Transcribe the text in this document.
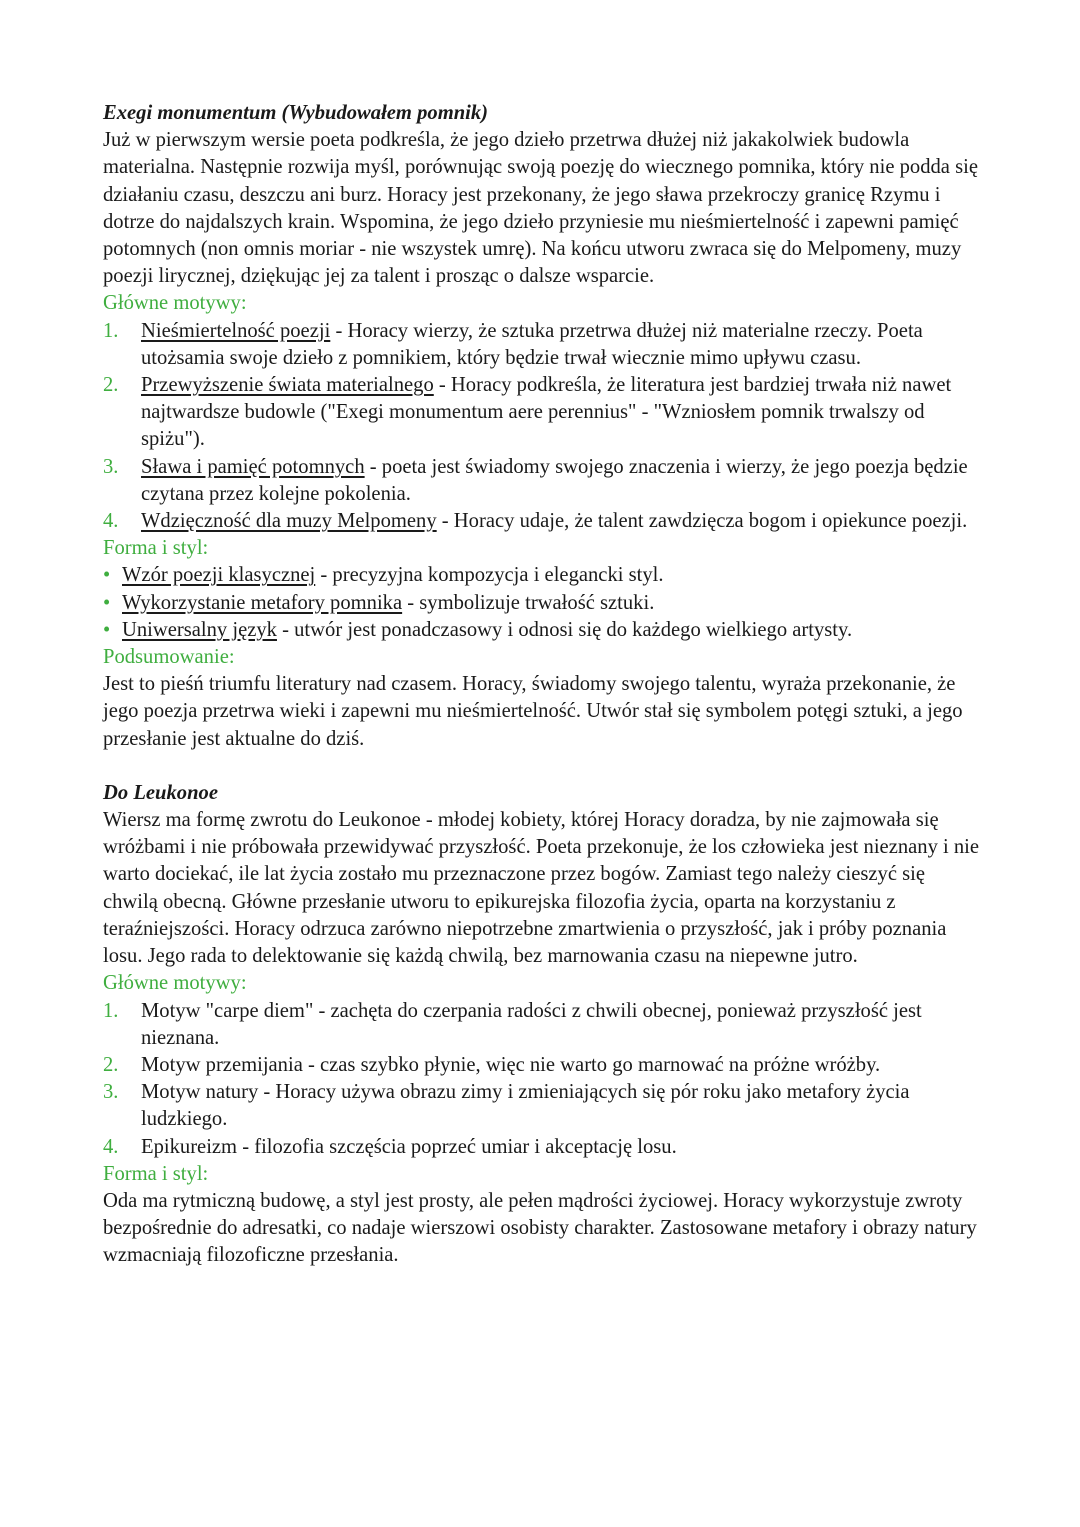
Exegi monumentum (Wybudowałem pomnik)

Już w pierwszym wersie poeta podkreśla, że jego dzieło przetrwa dłużej niż jakakolwiek budowla materialna. Następnie rozwija myśl, porównując swoją poezję do wiecznego pomnika, który nie podda się działaniu czasu, deszczu ani burz. Horacy jest przekonany, że jego sława przekroczy granicę Rzymu i dotrze do najdalszych krain. Wspomina, że jego dzieło przyniesie mu nieśmiertelność i zapewni pamięć potomnych (non omnis moriar - nie wszystek umrę). Na końcu utworu zwraca się do Melpomeny, muzy poezji lirycznej, dziękując jej za talent i prosząc o dalsze wsparcie.

Główne motywy:

1. Nieśmiertelność poezji - Horacy wierzy, że sztuka przetrwa dłużej niż materialne rzeczy. Poeta utożsamia swoje dzieło z pomnikiem, który będzie trwał wiecznie mimo upływu czasu.
2. Przewyższenie świata materialnego - Horacy podkreśla, że literatura jest bardziej trwała niż nawet najtwardsze budowle ("Exegi monumentum aere perennius" - "Wzniosłem pomnik trwalszy od spiżu").
3. Sława i pamięć potomnych - poeta jest świadomy swojego znaczenia i wierzy, że jego poezja będzie czytana przez kolejne pokolenia.
4. Wdzięczność dla muzy Melpomeny - Horacy udaje, że talent zawdzięcza bogom i opiekunce poezji.

Forma i styl:

• Wzór poezji klasycznej - precyzyjna kompozycja i elegancki styl.
• Wykorzystanie metafory pomnika - symbolizuje trwałość sztuki.
• Uniwersalny język - utwór jest ponadczasowy i odnosi się do każdego wielkiego artysty.

Podsumowanie:

Jest to pieśń triumfu literatury nad czasem. Horacy, świadomy swojego talentu, wyraża przekonanie, że jego poezja przetrwa wieki i zapewni mu nieśmiertelność. Utwór stał się symbolem potęgi sztuki, a jego przesłanie jest aktualne do dziś.

Do Leukonoe

Wiersz ma formę zwrotu do Leukonoe - młodej kobiety, której Horacy doradza, by nie zajmowała się wróżbami i nie próbowała przewidywać przyszłość. Poeta przekonuje, że los człowieka jest nieznany i nie warto dociekać, ile lat życia zostało mu przeznaczone przez bogów. Zamiast tego należy cieszyć się chwilą obecną. Główne przesłanie utworu to epikurejska filozofia życia, oparta na korzystaniu z teraźniejszości. Horacy odrzuca zarówno niepotrzebne zmartwienia o przyszłość, jak i próby poznania losu. Jego rada to delektowanie się każdą chwilą, bez marnowania czasu na niepewne jutro.

Główne motywy:

1. Motyw "carpe diem" - zachęta do czerpania radości z chwili obecnej, ponieważ przyszłość jest nieznana.
2. Motyw przemijania - czas szybko płynie, więc nie warto go marnować na próżne wróżby.
3. Motyw natury - Horacy używa obrazu zimy i zmieniających się pór roku jako metafory życia ludzkiego.
4. Epikureizm - filozofia szczęścia poprzeć umiar i akceptację losu.

Forma i styl:

Oda ma rytmiczną budowę, a styl jest prosty, ale pełen mądrości życiowej. Horacy wykorzystuje zwroty bezpośrednie do adresatki, co nadaje wierszowi osobisty charakter. Zastosowane metafory i obrazy natury wzmacniają filozoficzne przesłania.
